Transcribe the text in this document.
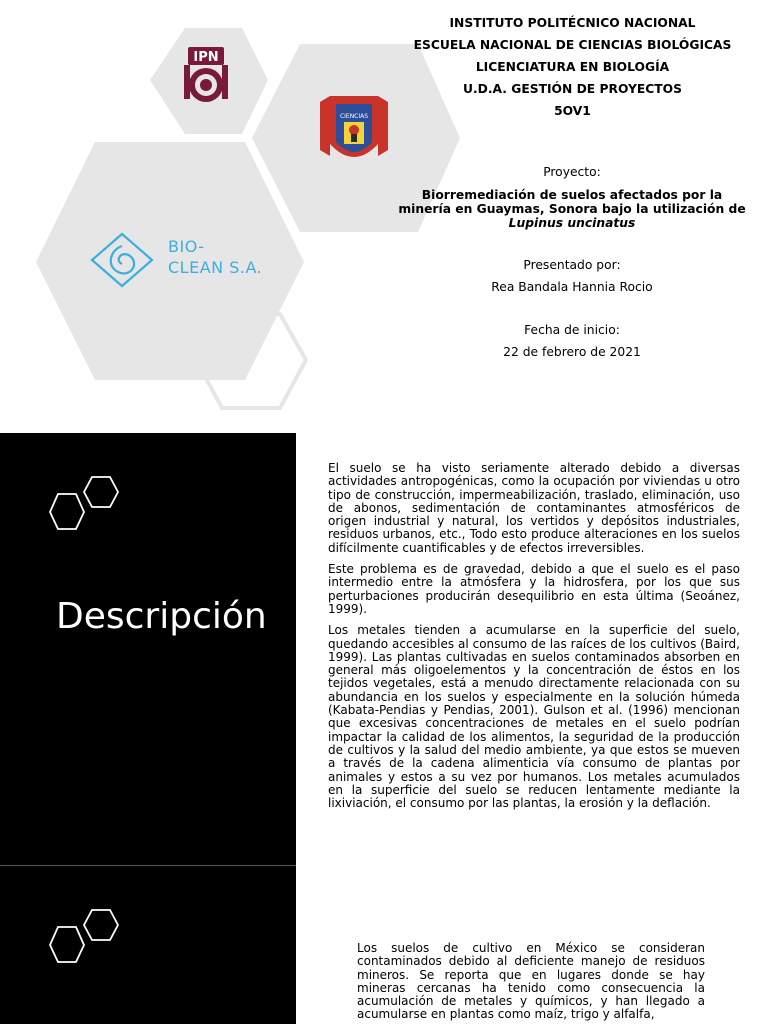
IPN
CIENCIAS
BIO-
CLEAN S.A.
INSTITUTO POLITÉCNICO NACIONAL
ESCUELA NACIONAL DE CIENCIAS BIOLÓGICAS
LICENCIATURA EN BIOLOGÍA
U.D.A. GESTIÓN DE PROYECTOS
5OV1
Proyecto:
Biorremediación de suelos afectados por la minería en Guaymas, Sonora bajo la utilización de Lupinus uncinatus
Presentado por:
Rea Bandala Hannia Rocio
Fecha de inicio:
22 de febrero de 2021
Descripción

El suelo se ha visto seriamente alterado debido a diversas actividades antropogénicas, como la ocupación por viviendas u otro tipo de construcción, impermeabilización, traslado, eliminación, uso de abonos, sedimentación de contaminantes atmosféricos de origen industrial y natural, los vertidos y depósitos industriales, residuos urbanos, etc., Todo esto produce alteraciones en los suelos difícilmente cuantificables y de efectos irreversibles.

Este problema es de gravedad, debido a que el suelo es el paso intermedio entre la atmósfera y la hidrosfera, por los que sus perturbaciones producirán desequilibrio en esta última (Seoánez, 1999).

Los metales tienden a acumularse en la superficie del suelo, quedando accesibles al consumo de las raíces de los cultivos (Baird, 1999). Las plantas cultivadas en suelos contaminados absorben en general más oligoelementos y la concentración de éstos en los tejidos vegetales, está a menudo directamente relacionada con su abundancia en los suelos y especialmente en la solución húmeda (Kabata-Pendias y Pendias, 2001). Gulson et al. (1996) mencionan que excesivas concentraciones de metales en el suelo podrían impactar la calidad de los alimentos, la seguridad de la producción de cultivos y la salud del medio ambiente, ya que estos se mueven a través de la cadena alimenticia vía consumo de plantas por animales y estos a su vez por humanos. Los metales acumulados en la superficie del suelo se reducen lentamente mediante la lixiviación, el consumo por las plantas, la erosión y la deflación.

Los suelos de cultivo en México se consideran contaminados debido al deficiente manejo de residuos mineros. Se reporta que en lugares donde se hay mineras cercanas ha tenido como consecuencia la acumulación de metales y químicos, y han llegado a acumularse en plantas como maíz, trigo y alfalfa,
